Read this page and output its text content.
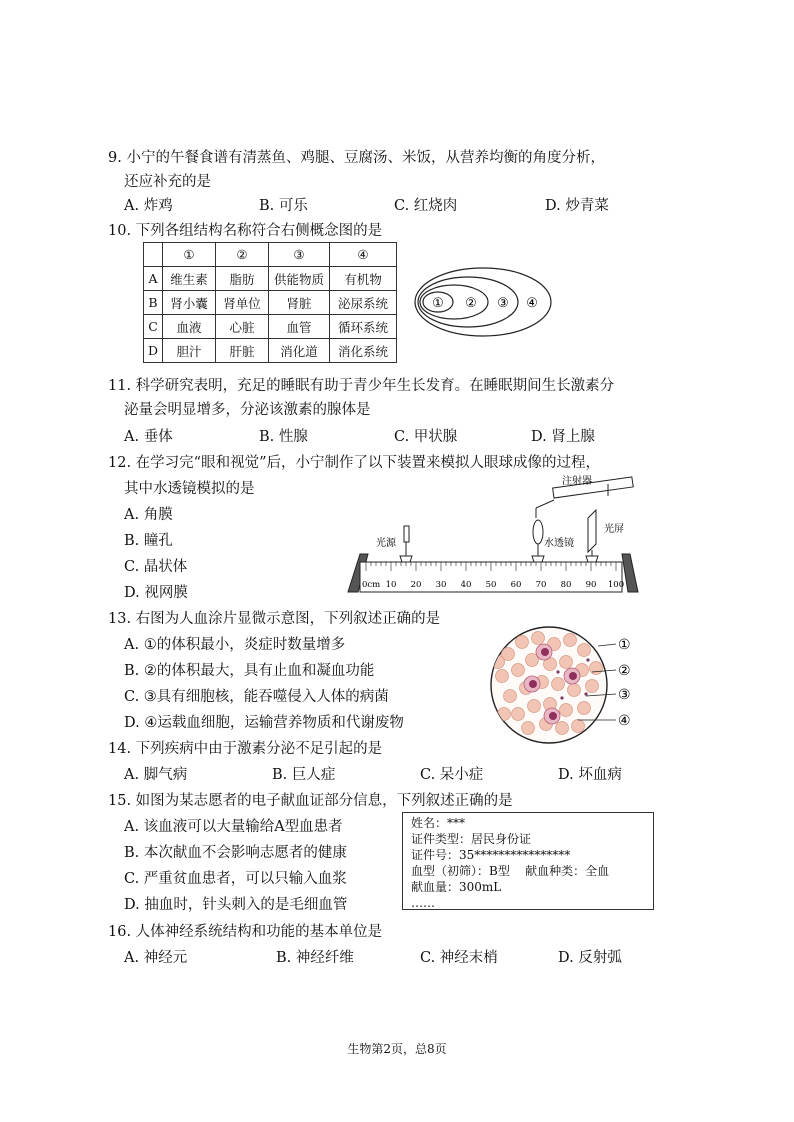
9. 小宁的午餐食谱有清蒸鱼、鸡腿、豆腐汤、米饭，从营养均衡的角度分析，
还应补充的是
A. 炸鸡	B. 可乐	C. 红烧肉	D. 炒青菜
10. 下列各组结构名称符合右侧概念图的是
	①	②	③	④
A	维生素	脂肪	供能物质	有机物
B	肾小囊	肾单位	肾脏	泌尿系统
C	血液	心脏	血管	循环系统
D	胆汁	肝脏	消化道	消化系统
① ② ③ ④
11. 科学研究表明，充足的睡眠有助于青少年生长发育。在睡眠期间生长激素分
泌量会明显增多，分泌该激素的腺体是
A. 垂体	B. 性腺	C. 甲状腺	D. 肾上腺
12. 在学习完“眼和视觉”后，小宁制作了以下装置来模拟人眼球成像的过程，
其中水透镜模拟的是
A. 角膜
B. 瞳孔
C. 晶状体
D. 视网膜
注射器
光源	水透镜
光屏
0cm 10 20 30 40 50 60 70 80 90 100
13. 右图为人血涂片显微示意图，下列叙述正确的是
A. ①的体积最小，炎症时数量增多
B. ②的体积最大，具有止血和凝血功能
C. ③具有细胞核，能吞噬侵入人体的病菌
D. ④运载血细胞，运输营养物质和代谢废物
①
②
③
④
14. 下列疾病中由于激素分泌不足引起的是
A. 脚气病	B. 巨人症	C. 呆小症	D. 坏血病
15. 如图为某志愿者的电子献血证部分信息，下列叙述正确的是
A. 该血液可以大量输给A型血患者
B. 本次献血不会影响志愿者的健康
C. 严重贫血患者，可以只输入血浆
D. 抽血时，针头刺入的是毛细血管
姓名：***
证件类型：居民身份证
证件号：35****************
血型（初筛）：B型    献血种类：全血
献血量：300mL
……
16. 人体神经系统结构和功能的基本单位是
A. 神经元	B. 神经纤维	C. 神经末梢	D. 反射弧
生物第2页，总8页
